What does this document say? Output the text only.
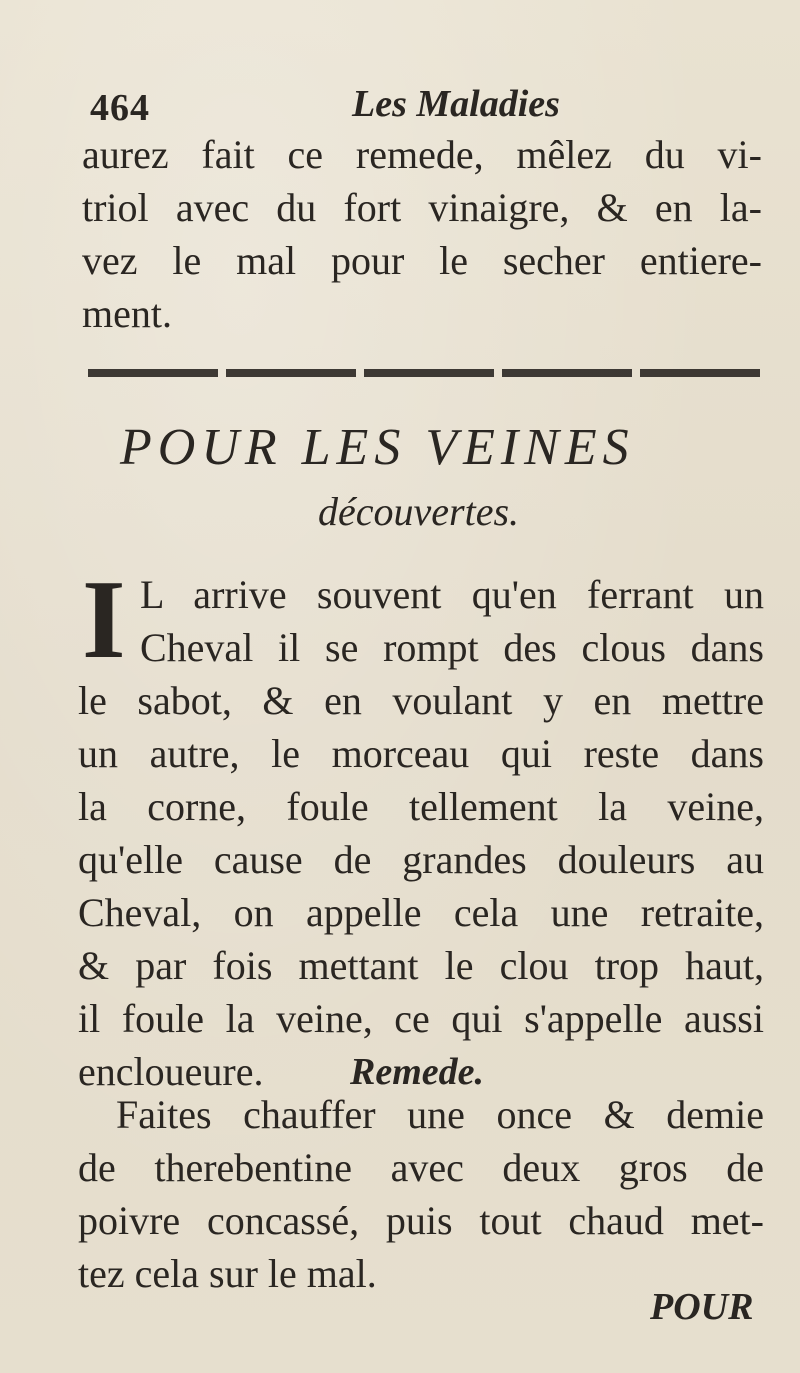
464	Les Maladies
aurez fait ce remede, mêlez du vi-
triol avec du fort vinaigre, & en la-
vez le mal pour le secher entiere-
ment.
POUR LES VEINES
découvertes.
I L arrive souvent qu'en ferrant un
Cheval il se rompt des clous dans
le sabot, & en voulant y en mettre
un autre, le morceau qui reste dans
la corne, foule tellement la veine,
qu'elle cause de grandes douleurs au
Cheval, on appelle cela une retraite,
& par fois mettant le clou trop haut,
il foule la veine, ce qui s'appelle aussi
encloueure.	Remede.
Faites chauffer une once & demie
de therebentine avec deux gros de
poivre concassé, puis tout chaud met-
tez cela sur le mal.
POUR
